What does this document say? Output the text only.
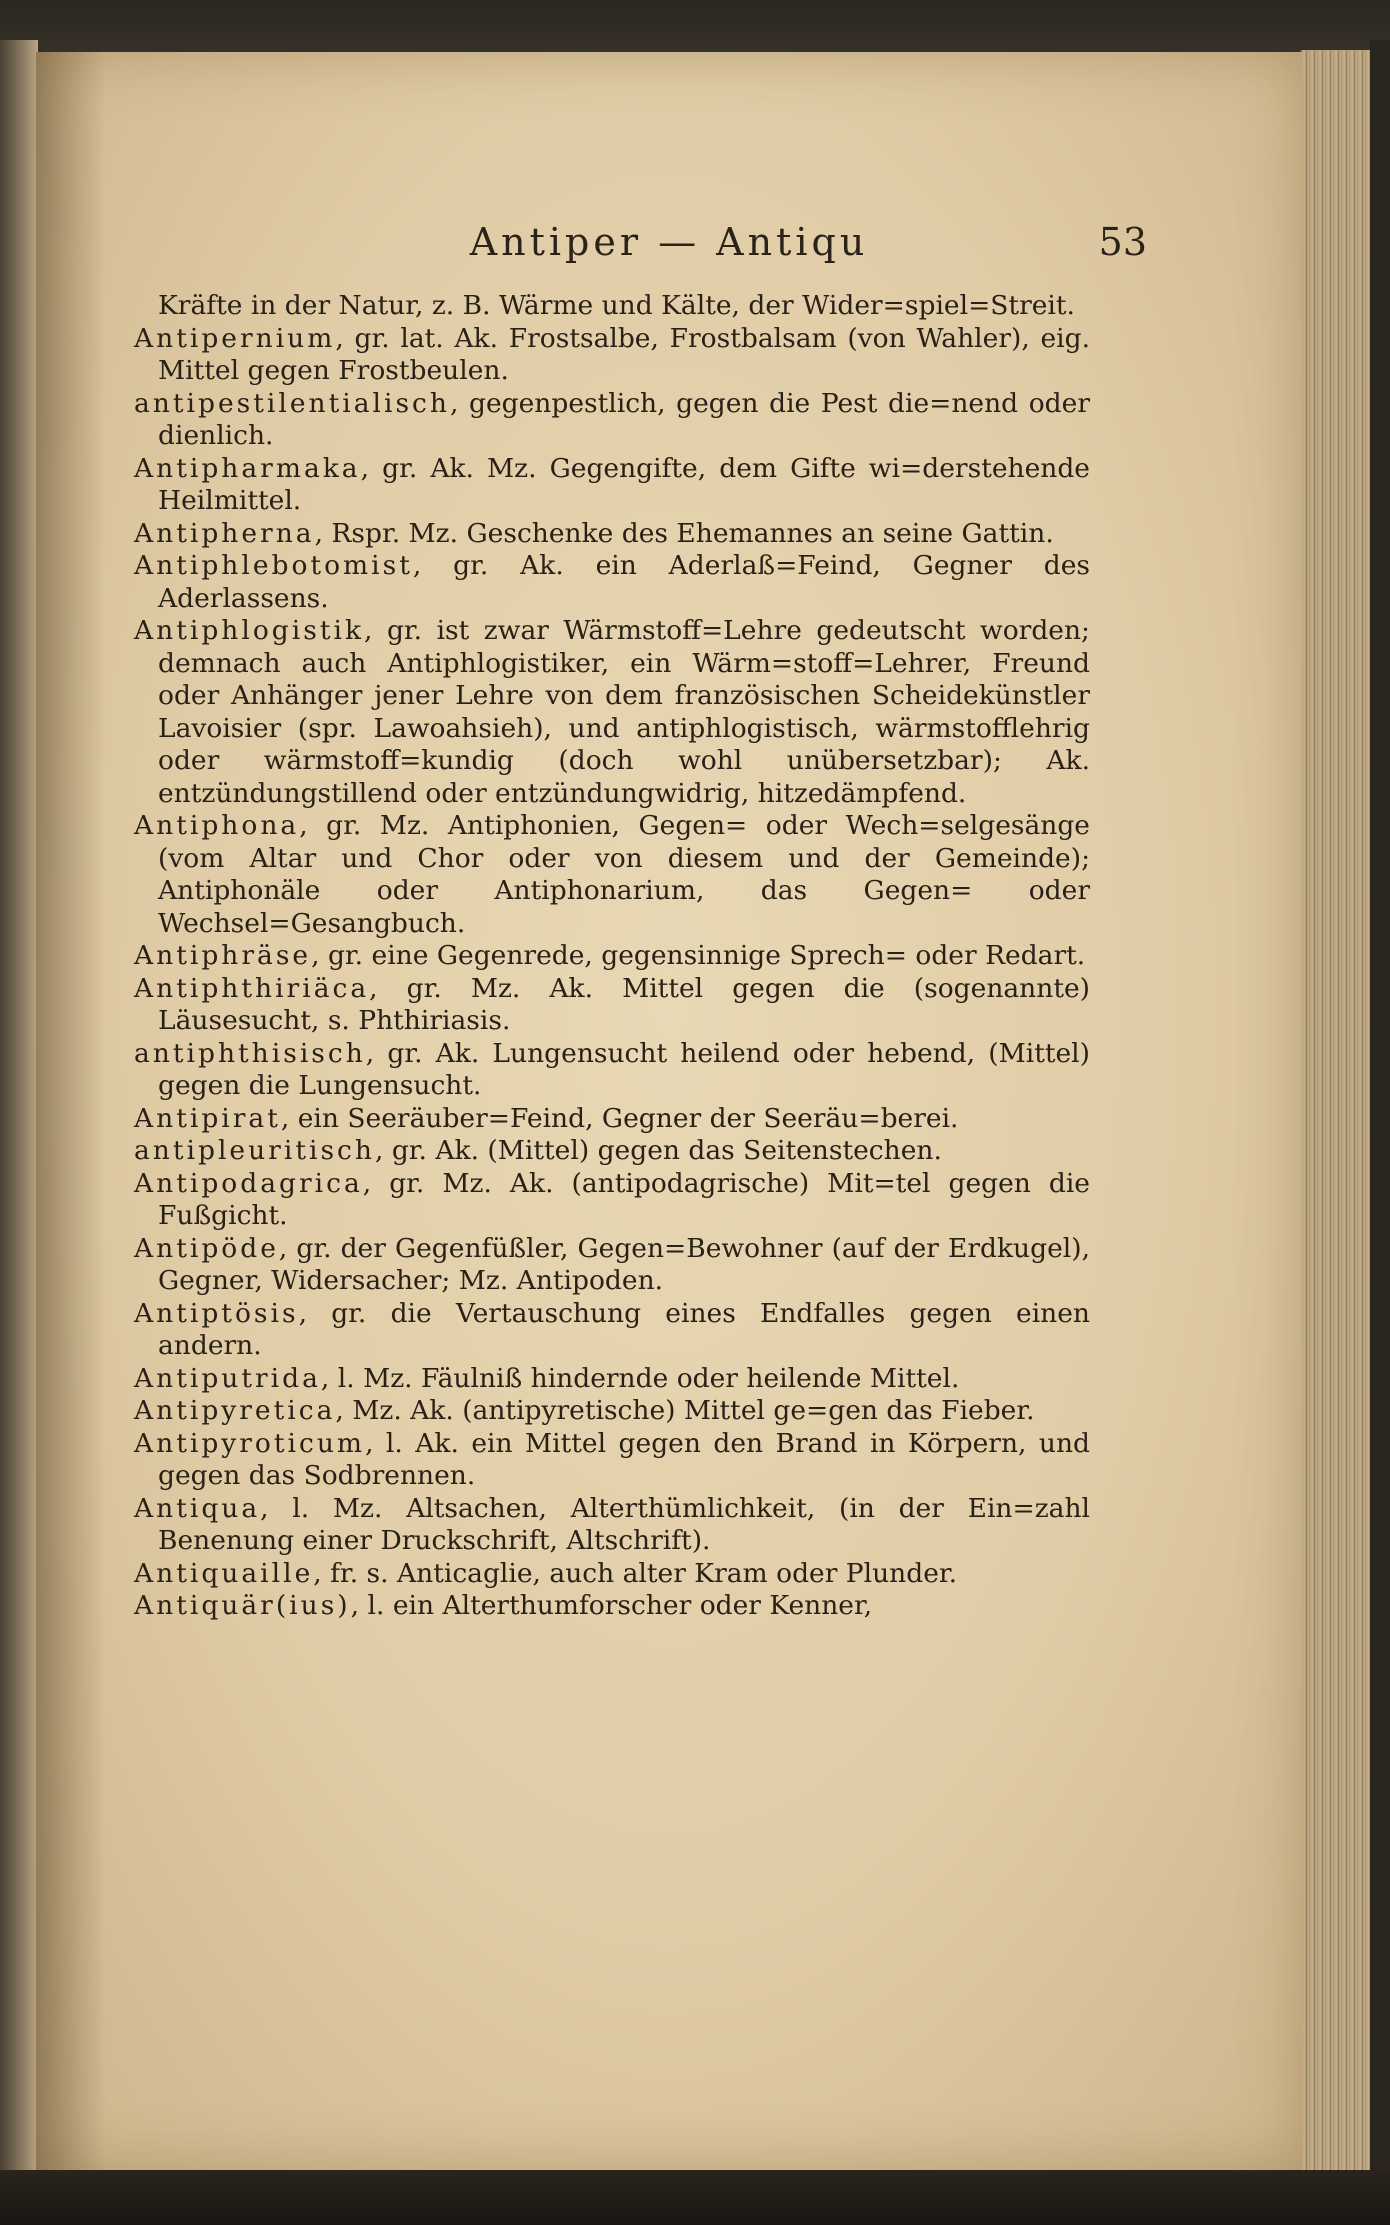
Antiper — Antiqu	53

Kräfte in der Natur, z. B. Wärme und Kälte, der Wider=spiel=Streit.

Antipernium, gr. lat. Ak. Frostsalbe, Frostbalsam (von Wahler), eig. Mittel gegen Frostbeulen.

antipestilentialisch, gegenpestlich, gegen die Pest die=nend oder dienlich.

Antipharmaka, gr. Ak. Mz. Gegengifte, dem Gifte wi=derstehende Heilmittel.

Antipherna, Rspr. Mz. Geschenke des Ehemannes an seine Gattin.

Antiphlebotomist, gr. Ak. ein Aderlaß=Feind, Gegner des Aderlassens.

Antiphlogistik, gr. ist zwar Wärmstoff=Lehre gedeutscht worden; demnach auch Antiphlogistiker, ein Wärm=stoff=Lehrer, Freund oder Anhänger jener Lehre von dem französischen Scheidekünstler Lavoisier (spr. Lawoahsieh), und antiphlogistisch, wärmstofflehrig oder wärmstoff=kundig (doch wohl unübersetzbar); Ak. entzündungstillend oder entzündungwidrig, hitzedämpfend.

Antiphona, gr. Mz. Antiphonien, Gegen= oder Wech=selgesänge (vom Altar und Chor oder von diesem und der Gemeinde); Antiphonäle oder Antiphonarium, das Gegen= oder Wechsel=Gesangbuch.

Antiphräse, gr. eine Gegenrede, gegensinnige Sprech= oder Redart.

Antiphthiriäca, gr. Mz. Ak. Mittel gegen die (sogenannte) Läusesucht, s. Phthiriasis.

antiphthisisch, gr. Ak. Lungensucht heilend oder hebend, (Mittel) gegen die Lungensucht.

Antipirat, ein Seeräuber=Feind, Gegner der Seeräu=berei.

antipleuritisch, gr. Ak. (Mittel) gegen das Seitenstechen.

Antipodagrica, gr. Mz. Ak. (antipodagrische) Mit=tel gegen die Fußgicht.

Antipöde, gr. der Gegenfüßler, Gegen=Bewohner (auf der Erdkugel), Gegner, Widersacher; Mz. Antipoden.

Antiptösis, gr. die Vertauschung eines Endfalles gegen einen andern.

Antiputrida, l. Mz. Fäulniß hindernde oder heilende Mittel.

Antipyretica, Mz. Ak. (antipyretische) Mittel ge=gen das Fieber.

Antipyroticum, l. Ak. ein Mittel gegen den Brand in Körpern, und gegen das Sodbrennen.

Antiqua, l. Mz. Altsachen, Alterthümlichkeit, (in der Ein=zahl Benenung einer Druckschrift, Altschrift).

Antiquaille, fr. s. Anticaglie, auch alter Kram oder Plunder.

Antiquär(ius), l. ein Alterthumforscher oder Kenner,
